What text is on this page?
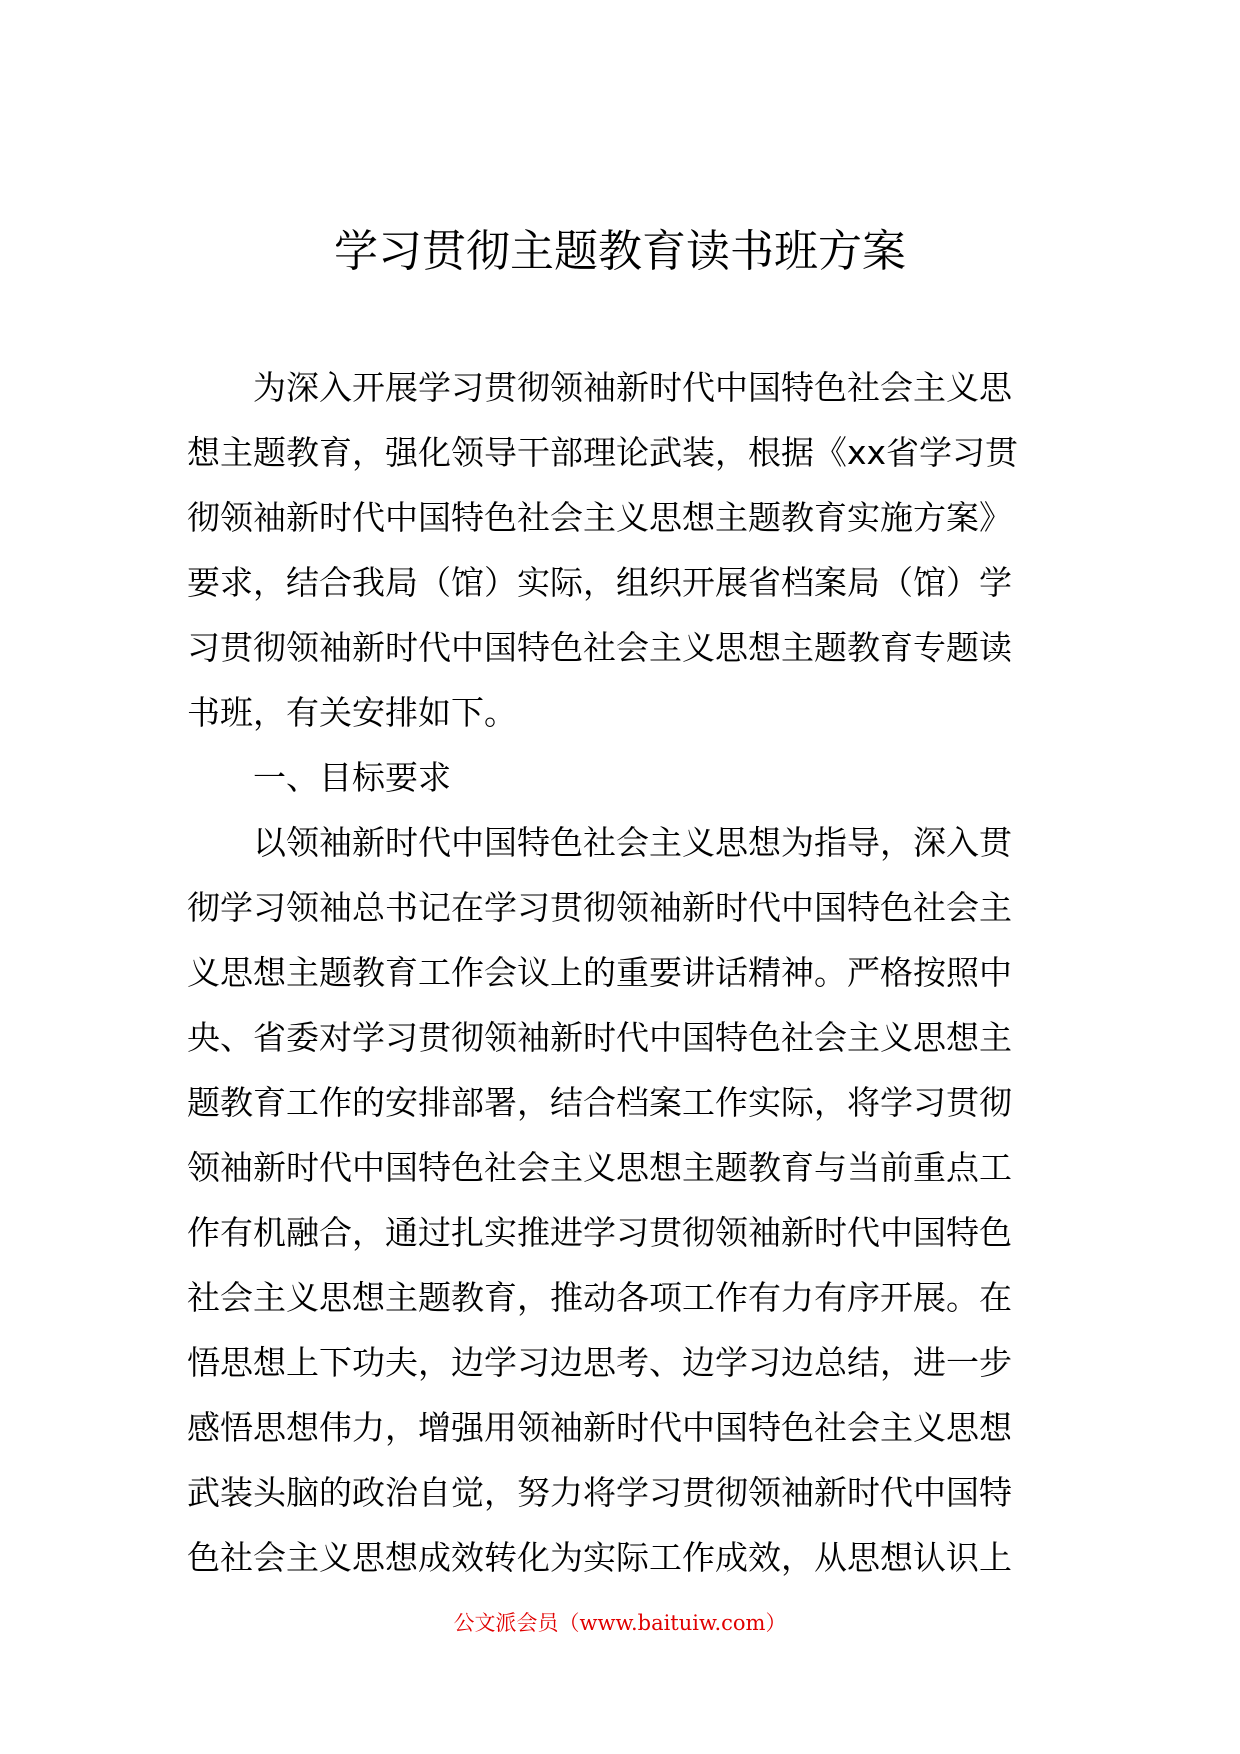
学习贯彻主题教育读书班方案
为深入开展学习贯彻领袖新时代中国特色社会主义思
想主题教育，强化领导干部理论武装，根据《xx省学习贯
彻领袖新时代中国特色社会主义思想主题教育实施方案》
要求，结合我局（馆）实际，组织开展省档案局（馆）学
习贯彻领袖新时代中国特色社会主义思想主题教育专题读
书班，有关安排如下。
一、目标要求
以领袖新时代中国特色社会主义思想为指导，深入贯
彻学习领袖总书记在学习贯彻领袖新时代中国特色社会主
义思想主题教育工作会议上的重要讲话精神。严格按照中
央、省委对学习贯彻领袖新时代中国特色社会主义思想主
题教育工作的安排部署，结合档案工作实际，将学习贯彻
领袖新时代中国特色社会主义思想主题教育与当前重点工
作有机融合，通过扎实推进学习贯彻领袖新时代中国特色
社会主义思想主题教育，推动各项工作有力有序开展。在
悟思想上下功夫，边学习边思考、边学习边总结，进一步
感悟思想伟力，增强用领袖新时代中国特色社会主义思想
武装头脑的政治自觉，努力将学习贯彻领袖新时代中国特
色社会主义思想成效转化为实际工作成效，从思想认识上
公文派会员（www.baituiw.com）
